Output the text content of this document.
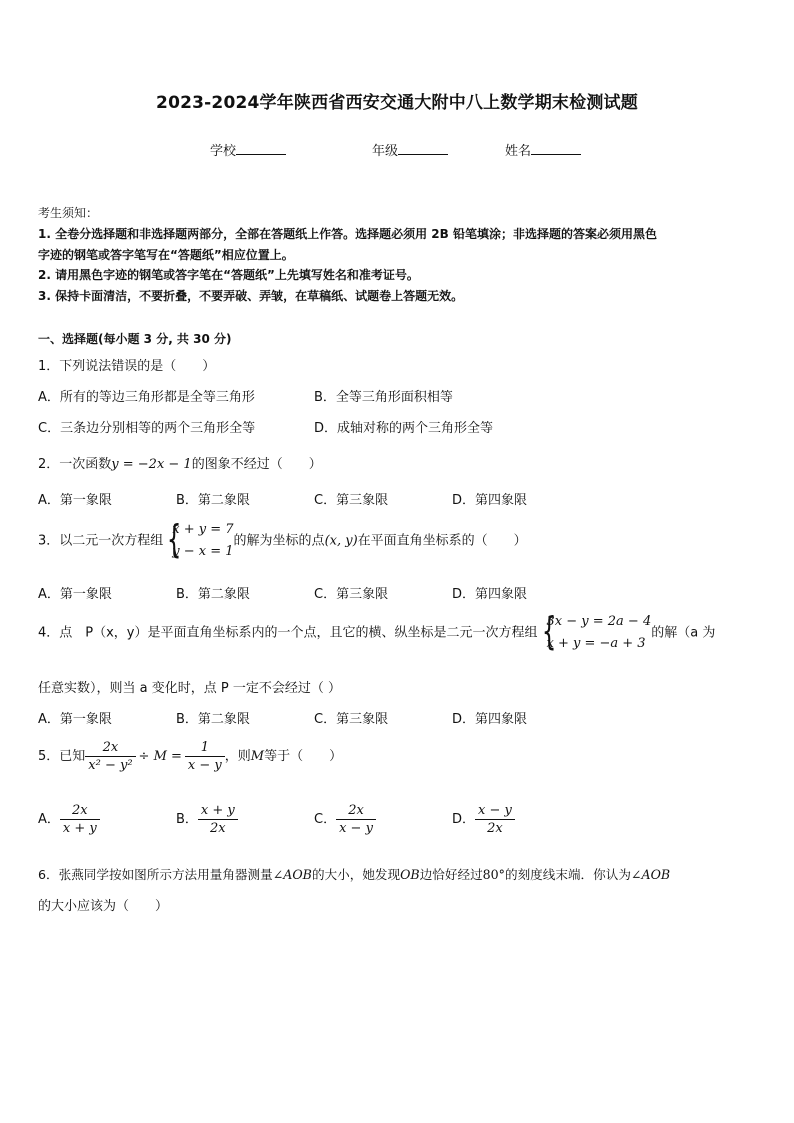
2023-2024学年陕西省西安交通大附中八上数学期末检测试题
学校	年级	姓名
考生须知：
1. 全卷分选择题和非选择题两部分，全部在答题纸上作答。选择题必须用 2B 铅笔填涂；非选择题的答案必须用黑色
字迹的钢笔或答字笔写在“答题纸”相应位置上。
2. 请用黑色字迹的钢笔或答字笔在“答题纸”上先填写姓名和准考证号。
3. 保持卡面清洁，不要折叠，不要弄破、弄皱，在草稿纸、试题卷上答题无效。
一、选择题(每小题 3 分, 共 30 分)
1．下列说法错误的是（　　）
A．所有的等边三角形都是全等三角形	B．全等三角形面积相等
C．三条边分别相等的两个三角形全等	D．成轴对称的两个三角形全等
2．一次函数y = −2x − 1的图象不经过（　　）
A．第一象限	B．第二象限	C．第三象限	D．第四象限
3．以二元一次方程组 {
x + y = 7
y − x = 1
的解为坐标的点(x, y)在平面直角坐标系的（　　）
A．第一象限	B．第二象限	C．第三象限	D．第四象限
4．点　P（x，y）是平面直角坐标系内的一个点，且它的横、纵坐标是二元一次方程组 {
3x − y = 2a − 4
x + y = −a + 3
的解（a 为
任意实数），则当 a 变化时，点 P 一定不会经过（ ）
A．第一象限	B．第二象限	C．第三象限	D．第四象限
5．已知 $\frac{2x}{\text{x² − y²}} \div M = \frac{1}{x - y}$ ，则M等于（　　）
A． $\frac{2x}{x + y}$	B． $\frac{x + y}{2x}$	C． $\frac{2x}{x - y}$	D． $\frac{x - y}{2x}$
6．张燕同学按如图所示方法用量角器测量∠AOB的大小，她发现OB边恰好经过80°的刻度线末端．你认为∠AOB
的大小应该为（　　）
